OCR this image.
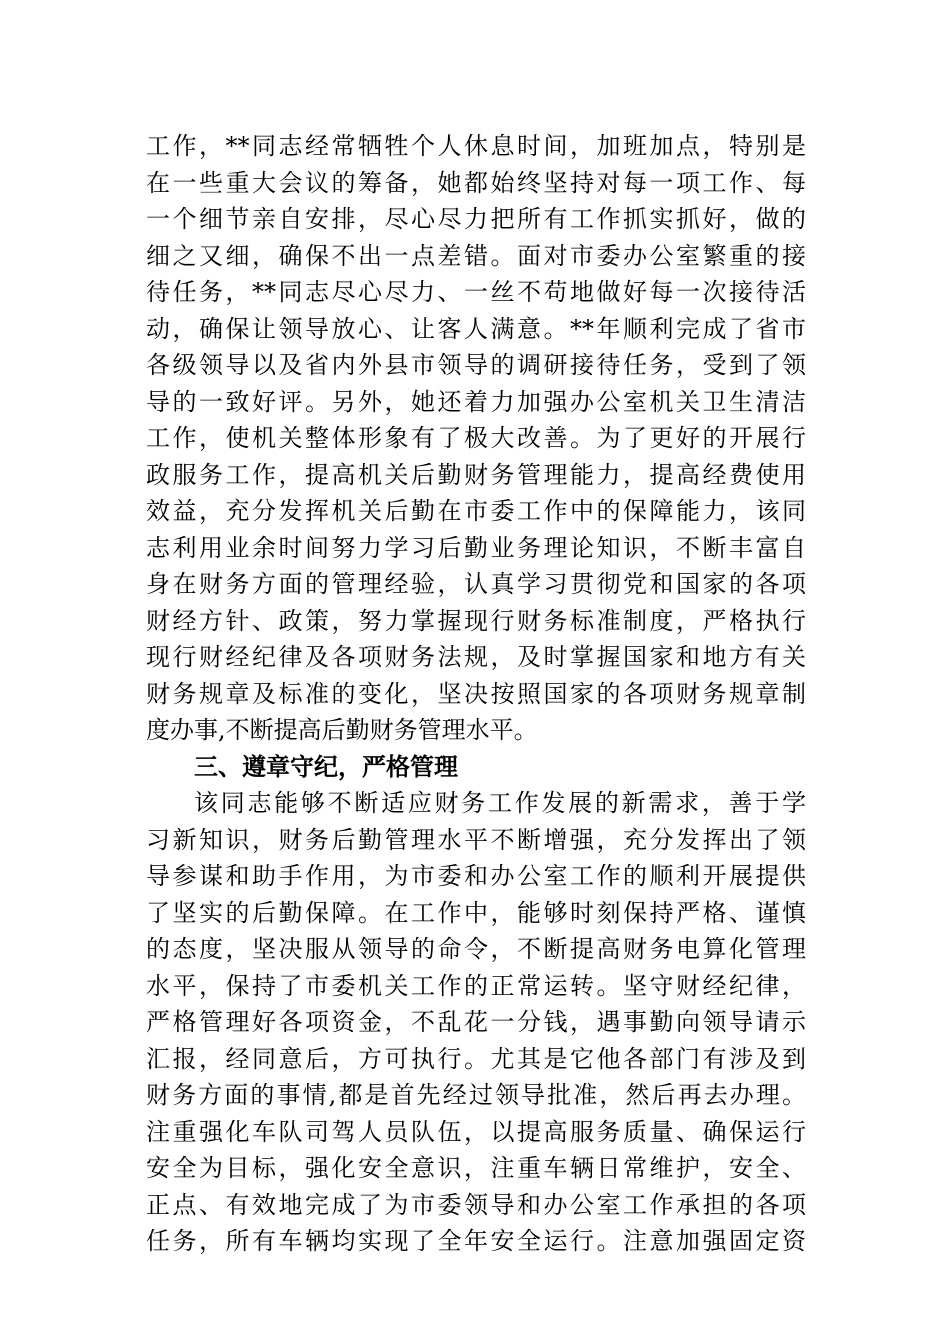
工作，**同志经常牺牲个人休息时间，加班加点，特别是
在一些重大会议的筹备，她都始终坚持对每一项工作、每
一个细节亲自安排，尽心尽力把所有工作抓实抓好，做的
细之又细，确保不出一点差错。面对市委办公室繁重的接
待任务，**同志尽心尽力、一丝不苟地做好每一次接待活
动，确保让领导放心、让客人满意。**年顺利完成了省市
各级领导以及省内外县市领导的调研接待任务，受到了领
导的一致好评。另外，她还着力加强办公室机关卫生清洁
工作，使机关整体形象有了极大改善。为了更好的开展行
政服务工作，提高机关后勤财务管理能力，提高经费使用
效益，充分发挥机关后勤在市委工作中的保障能力，该同
志利用业余时间努力学习后勤业务理论知识，不断丰富自
身在财务方面的管理经验，认真学习贯彻党和国家的各项
财经方针、政策，努力掌握现行财务标准制度，严格执行
现行财经纪律及各项财务法规，及时掌握国家和地方有关
财务规章及标准的变化，坚决按照国家的各项财务规章制
度办事,不断提高后勤财务管理水平。
三、遵章守纪，严格管理
该同志能够不断适应财务工作发展的新需求，善于学
习新知识，财务后勤管理水平不断增强，充分发挥出了领
导参谋和助手作用，为市委和办公室工作的顺利开展提供
了坚实的后勤保障。在工作中，能够时刻保持严格、谨慎
的态度，坚决服从领导的命令，不断提高财务电算化管理
水平，保持了市委机关工作的正常运转。坚守财经纪律，
严格管理好各项资金，不乱花一分钱，遇事勤向领导请示
汇报，经同意后，方可执行。尤其是它他各部门有涉及到
财务方面的事情,都是首先经过领导批准，然后再去办理。
注重强化车队司驾人员队伍，以提高服务质量、确保运行
安全为目标，强化安全意识，注重车辆日常维护，安全、
正点、有效地完成了为市委领导和办公室工作承担的各项
任务，所有车辆均实现了全年安全运行。注意加强固定资
